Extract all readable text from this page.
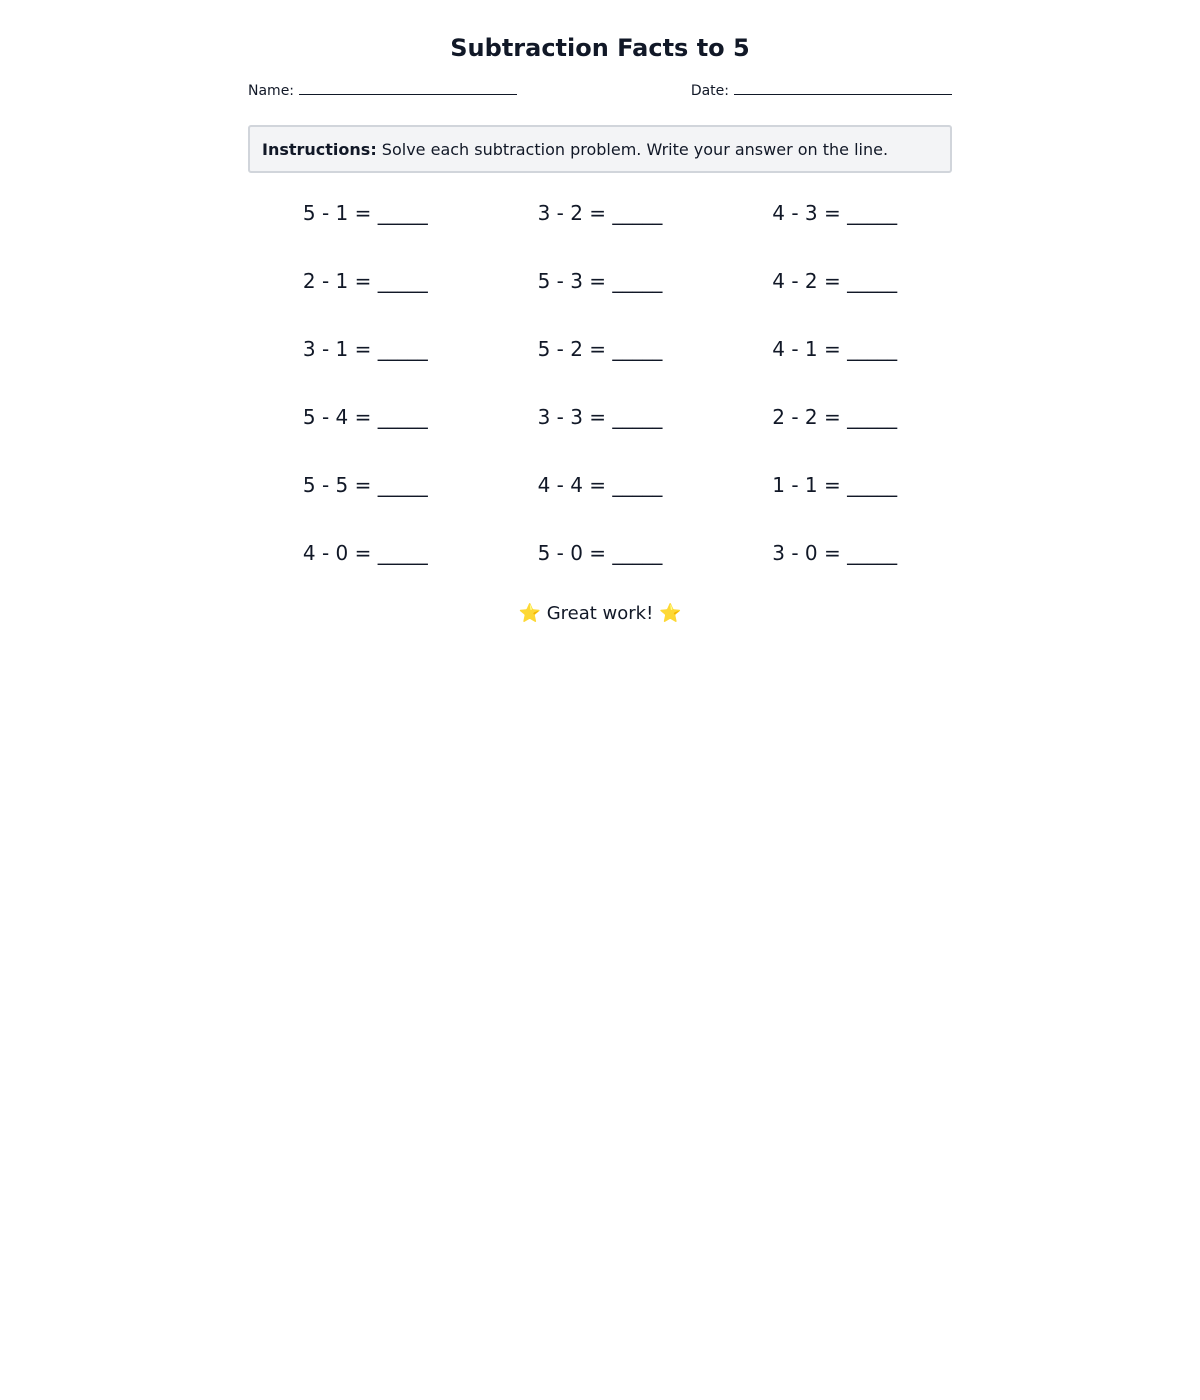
Subtraction Facts to 5
Name:	Date:
Instructions: Solve each subtraction problem. Write your answer on the line.
5 - 1 = _____	3 - 2 = _____	4 - 3 = _____
2 - 1 = _____	5 - 3 = _____	4 - 2 = _____
3 - 1 = _____	5 - 2 = _____	4 - 1 = _____
5 - 4 = _____	3 - 3 = _____	2 - 2 = _____
5 - 5 = _____	4 - 4 = _____	1 - 1 = _____
4 - 0 = _____	5 - 0 = _____	3 - 0 = _____
⭐ Great work! ⭐
